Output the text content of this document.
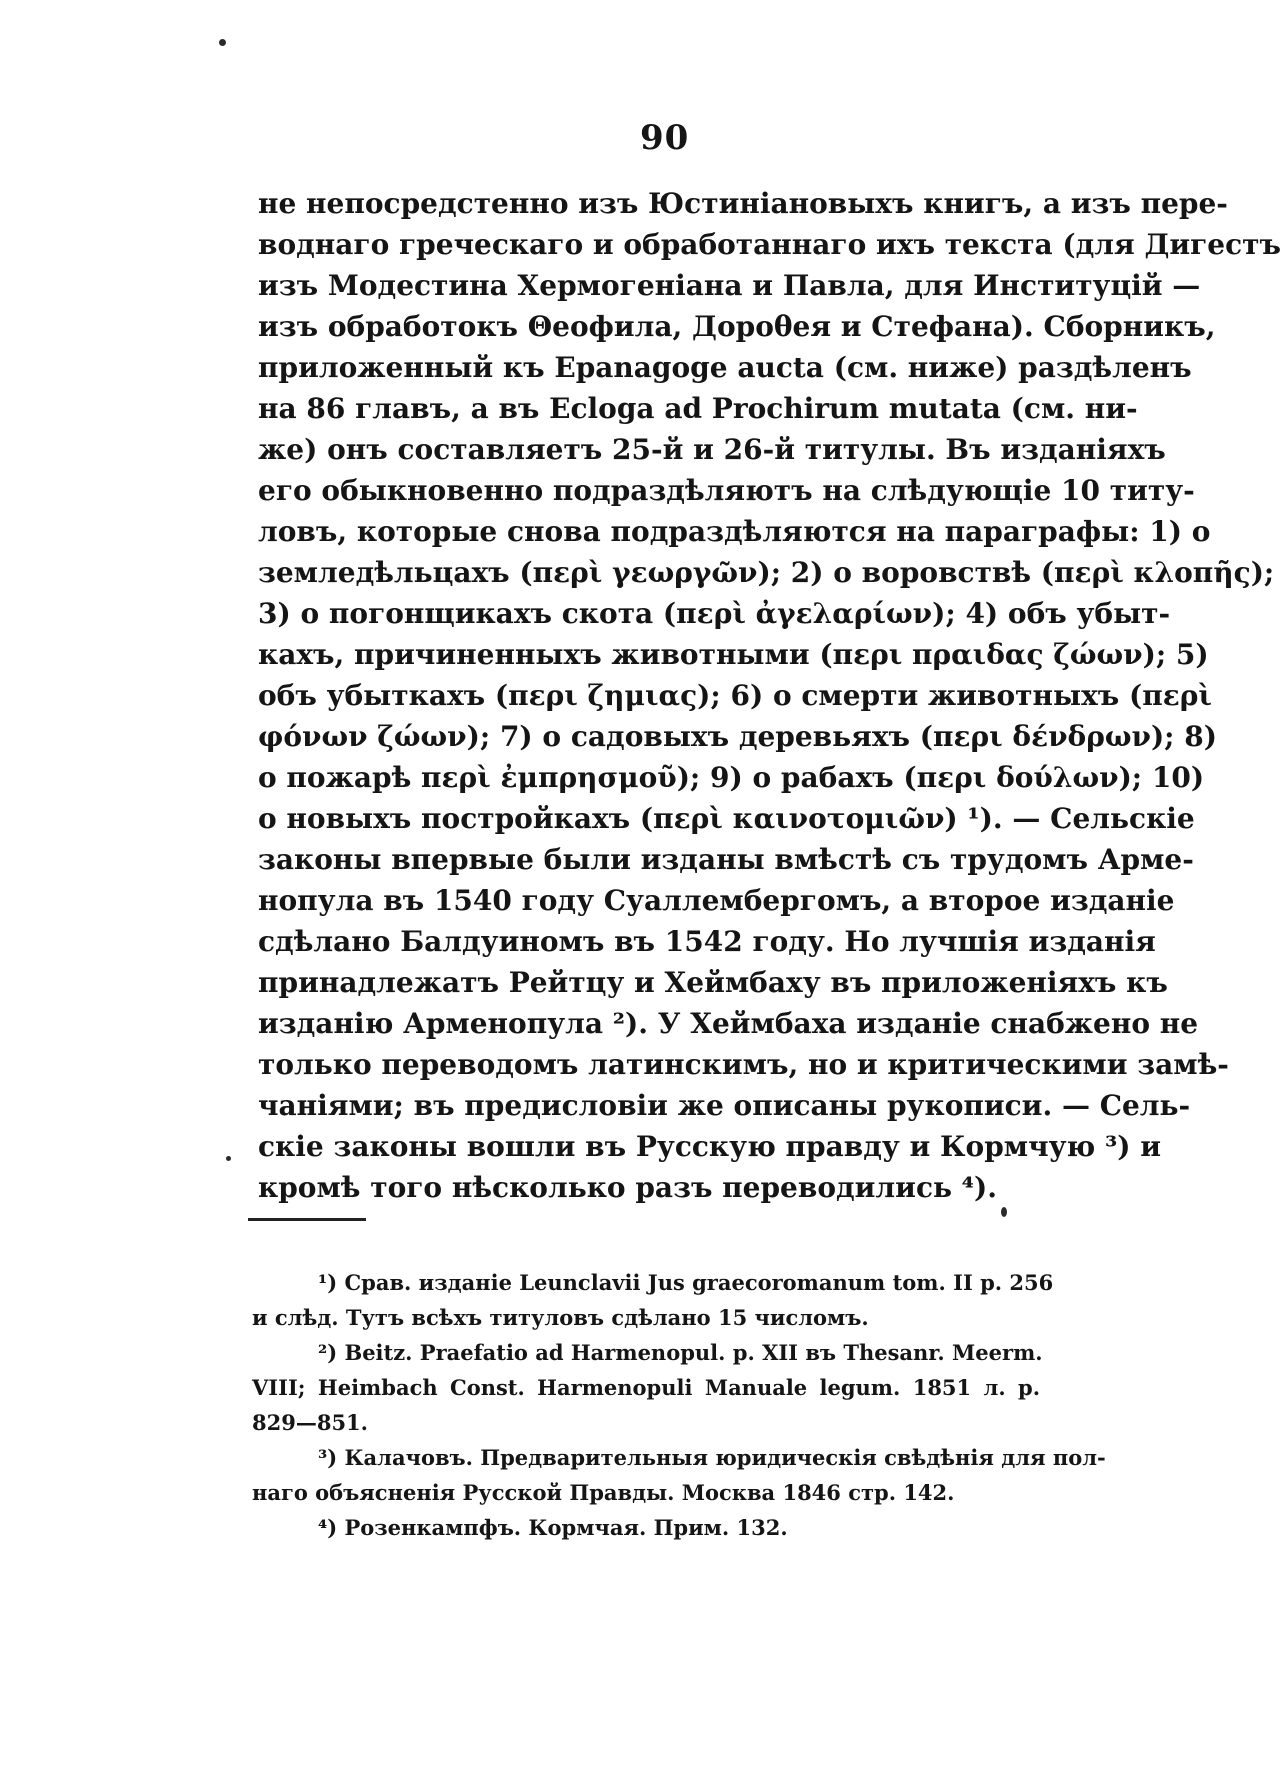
90
не непосредстенно изъ Юстиніановыхъ книгъ, а изъ пере-
воднаго греческаго и обработаннаго ихъ текста (для Дигестъ
изъ Модестина Хермогеніана и Павла, для Институцій —
изъ обработокъ Θеофила, Дороθея и Стефана). Сборникъ,
приложенный къ Epanagoge aucta (см. ниже) раздѣленъ
на 86 главъ, а въ Ecloga ad Prochirum mutata (см. ни-
же) онъ составляетъ 25-й и 26-й титулы. Въ изданіяхъ
его обыкновенно подраздѣляютъ на слѣдующіе 10 титу-
ловъ, которые снова подраздѣляются на параграфы: 1) о
земледѣльцахъ (περὶ γεωργῶν); 2) о воровствѣ (περὶ κλοπῆς);
3) о погонщикахъ скота (περὶ ἀγελαρίων); 4) объ убыт-
кахъ, причиненныхъ животными (περι πραιδας ζώων); 5)
объ убыткахъ (περι ζημιας); 6) о смерти животныхъ (περὶ
φόνων ζώων); 7) о садовыхъ деревьяхъ (περι δένδρων); 8)
о пожарѣ περὶ ἐμπρησμοῦ); 9) о рабахъ (περι δούλων); 10)
о новыхъ постройкахъ (περὶ καινοτομιῶν) ¹). — Сельскіе
законы впервые были изданы вмѣстѣ съ трудомъ Арме-
нопула въ 1540 году Суаллембергомъ, а второе изданіе
сдѣлано Балдуиномъ въ 1542 году. Но лучшія изданія
принадлежатъ Рейтцу и Хеймбаху въ приложеніяхъ къ
изданію Арменопула ²). У Хеймбаха изданіе снабжено не
только переводомъ латинскимъ, но и критическими замѣ-
чаніями; въ предисловіи же описаны рукописи. — Сель-
скіе законы вошли въ Русскую правду и Кормчую ³) и
кромѣ того нѣсколько разъ переводились ⁴).
¹) Срав. изданіе Leunclavii Jus graecoromanum tom. II p. 256
и слѣд. Тутъ всѣхъ титуловъ сдѣлано 15 числомъ.
²) Beitz. Praefatio ad Harmenopul. p. XII въ Thesanr. Meerm.
VIII; Heimbach Const. Harmenopuli Manuale legum. 1851 л. p.
829—851.
³) Калачовъ. Предварительныя юридическія свѣдѣнія для пол-
наго объясненія Русской Правды. Москва 1846 стр. 142.
⁴) Розенкампфъ. Кормчая. Прим. 132.
